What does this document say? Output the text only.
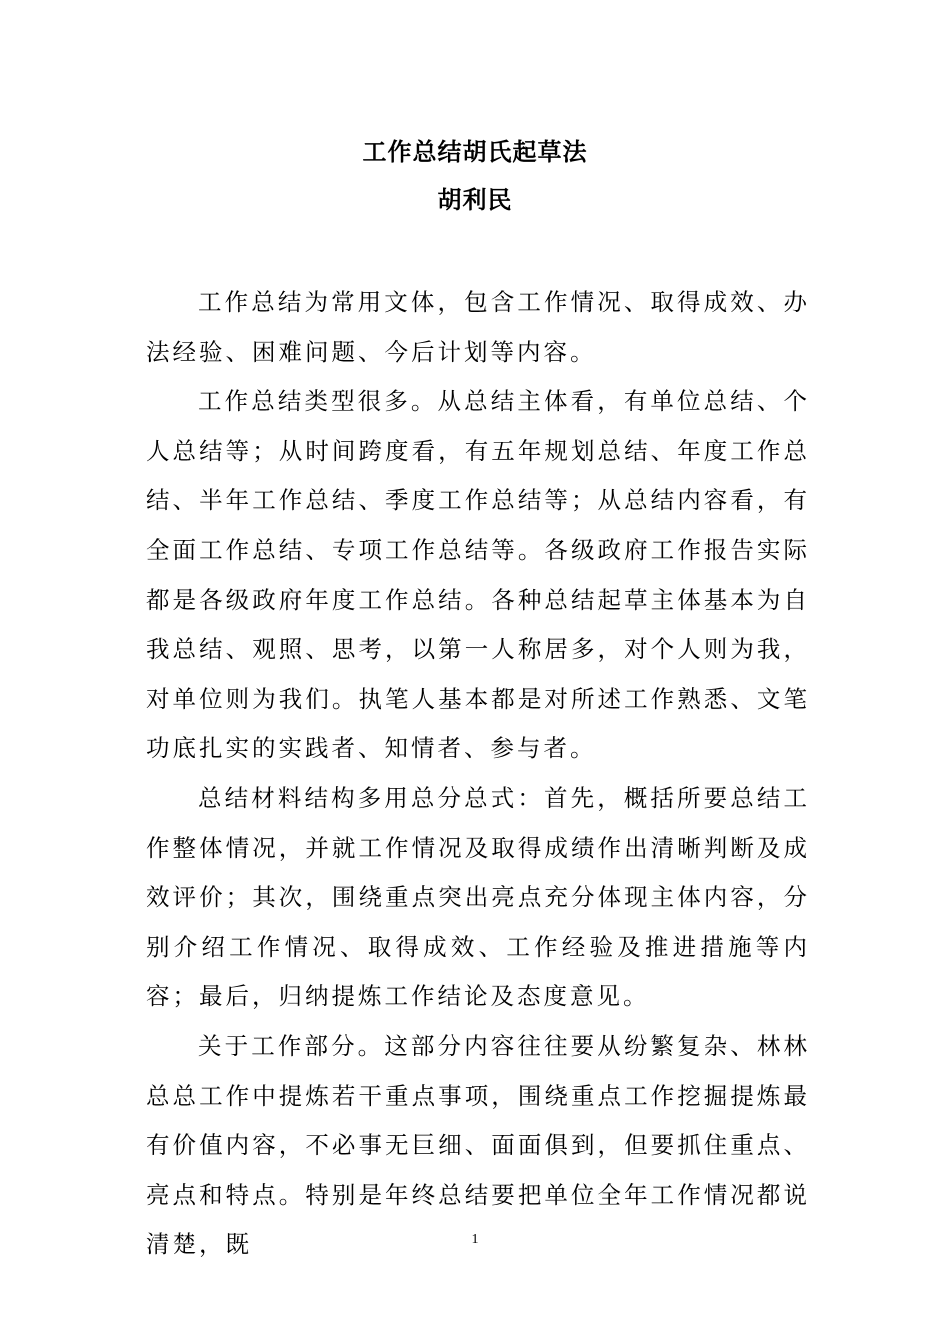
工作总结胡氏起草法
胡利民

工作总结为常用文体，包含工作情况、取得成效、办法经验、困难问题、今后计划等内容。

工作总结类型很多。从总结主体看，有单位总结、个人总结等；从时间跨度看，有五年规划总结、年度工作总结、半年工作总结、季度工作总结等；从总结内容看，有全面工作总结、专项工作总结等。各级政府工作报告实际都是各级政府年度工作总结。各种总结起草主体基本为自我总结、观照、思考，以第一人称居多，对个人则为我，对单位则为我们。执笔人基本都是对所述工作熟悉、文笔功底扎实的实践者、知情者、参与者。

总结材料结构多用总分总式：首先，概括所要总结工作整体情况，并就工作情况及取得成绩作出清晰判断及成效评价；其次，围绕重点突出亮点充分体现主体内容，分别介绍工作情况、取得成效、工作经验及推进措施等内容；最后，归纳提炼工作结论及态度意见。

关于工作部分。这部分内容往往要从纷繁复杂、林林总总工作中提炼若干重点事项，围绕重点工作挖掘提炼最有价值内容，不必事无巨细、面面俱到，但要抓住重点、亮点和特点。特别是年终总结要把单位全年工作情况都说清楚，既	1
